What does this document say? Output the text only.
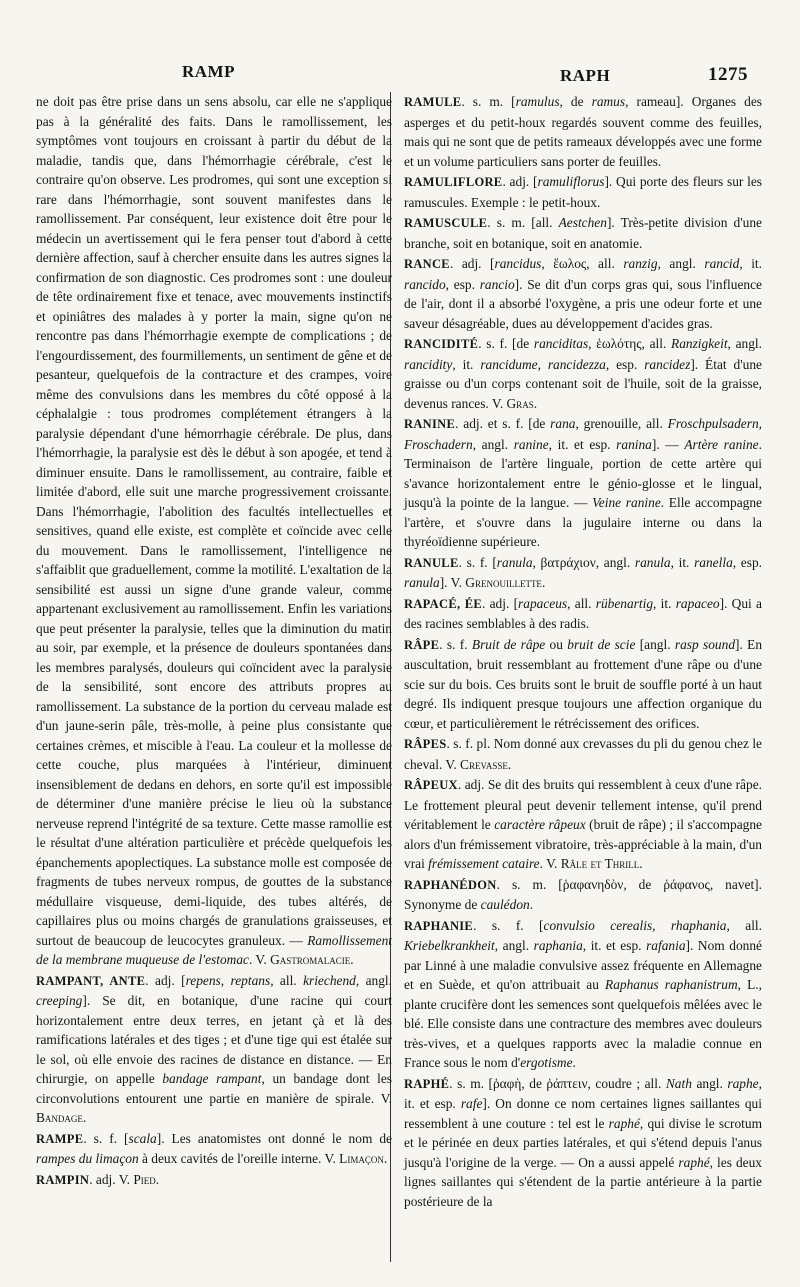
RAMP	RAPH	1275

ne doit pas être prise dans un sens absolu, car elle ne s'applique pas à la généralité des faits. Dans le ramollissement, les symptômes vont toujours en croissant à partir du début de la maladie, tandis que, dans l'hémorrhagie cérébrale, c'est le contraire qu'on observe. Les prodromes, qui sont une exception si rare dans l'hémorrhagie, sont souvent manifestes dans le ramollissement. Par conséquent, leur existence doit être pour le médecin un avertissement qui le fera penser tout d'abord à cette dernière affection, sauf à chercher ensuite dans les autres signes la confirmation de son diagnostic. Ces prodromes sont : une douleur de tête ordinairement fixe et tenace, avec mouvements instinctifs et opiniâtres des malades à y porter la main, signe qu'on ne rencontre pas dans l'hémorrhagie exempte de complications ; de l'engourdissement, des fourmillements, un sentiment de gêne et de pesanteur, quelquefois de la contracture et des crampes, voire même des convulsions dans les membres du côté opposé à la céphalalgie : tous prodromes complétement étrangers à la paralysie dépendant d'une hémorrhagie cérébrale. De plus, dans l'hémorrhagie, la paralysie est dès le début à son apogée, et tend à diminuer ensuite. Dans le ramollissement, au contraire, faible et limitée d'abord, elle suit une marche progressivement croissante. Dans l'hémorrhagie, l'abolition des facultés intellectuelles et sensitives, quand elle existe, est complète et coïncide avec celle du mouvement. Dans le ramollissement, l'intelligence ne s'affaiblit que graduellement, comme la motilité. L'exaltation de la sensibilité est aussi un signe d'une grande valeur, comme appartenant exclusivement au ramollissement. Enfin les variations que peut présenter la paralysie, telles que la diminution du matin au soir, par exemple, et la présence de douleurs spontanées dans les membres paralysés, douleurs qui coïncident avec la paralysie de la sensibilité, sont encore des attributs propres au ramollissement. La substance de la portion du cerveau malade est d'un jaune-serin pâle, très-molle, à peine plus consistante que certaines crèmes, et miscible à l'eau. La couleur et la mollesse de cette couche, plus marquées à l'intérieur, diminuent insensiblement de dedans en dehors, en sorte qu'il est impossible de déterminer d'une manière précise le lieu où la substance nerveuse reprend l'intégrité de sa texture. Cette masse ramollie est le résultat d'une altération particulière et précède quelquefois les épanchements apoplectiques. La substance molle est composée de fragments de tubes nerveux rompus, de gouttes de la substance médullaire visqueuse, demi-liquide, des tubes altérés, de capillaires plus ou moins chargés de granulations graisseuses, et surtout de beaucoup de leucocytes granuleux. — Ramollissement de la membrane muqueuse de l'estomac. V. Gastromalacie.

RAMPANT, ANTE. adj. [repens, reptans, all. kriechend, angl. creeping]. Se dit, en botanique, d'une racine qui court horizontalement entre deux terres, en jetant çà et là des ramifications latérales et des tiges ; et d'une tige qui est étalée sur le sol, où elle envoie des racines de distance en distance. — En chirurgie, on appelle bandage rampant, un bandage dont les circonvolutions entourent une partie en manière de spirale. V. Bandage.

RAMPE. s. f. [scala]. Les anatomistes ont donné le nom de rampes du limaçon à deux cavités de l'oreille interne. V. Limaçon.

RAMPIN. adj. V. Pied.

RAMULE. s. m. [ramulus, de ramus, rameau]. Organes des asperges et du petit-houx regardés souvent comme des feuilles, mais qui ne sont que de petits rameaux développés avec une forme et un volume particuliers sans porter de feuilles.

RAMULIFLORE. adj. [ramuliflorus]. Qui porte des fleurs sur les ramuscules. Exemple : le petit-houx.

RAMUSCULE. s. m. [all. Aestchen]. Très-petite division d'une branche, soit en botanique, soit en anatomie.

RANCE. adj. [rancidus, ἕωλος, all. ranzig, angl. rancid, it. rancido, esp. rancio]. Se dit d'un corps gras qui, sous l'influence de l'air, dont il a absorbé l'oxygène, a pris une odeur forte et une saveur désagréable, dues au développement d'acides gras.

RANCIDITÉ. s. f. [de ranciditas, ἑωλότης, all. Ranzigkeit, angl. rancidity, it. rancidume, rancidezza, esp. rancidez]. État d'une graisse ou d'un corps contenant soit de l'huile, soit de la graisse, devenus rances. V. Gras.

RANINE. adj. et s. f. [de rana, grenouille, all. Froschpulsadern, Froschadern, angl. ranine, it. et esp. ranina]. — Artère ranine. Terminaison de l'artère linguale, portion de cette artère qui s'avance horizontalement entre le génio-glosse et le lingual, jusqu'à la pointe de la langue. — Veine ranine. Elle accompagne l'artère, et s'ouvre dans la jugulaire interne ou dans la thyréoïdienne supérieure.

RANULE. s. f. [ranula, βατράχιον, angl. ranula, it. ranella, esp. ranula]. V. Grenouillette.

RAPACÉ, ÉE. adj. [rapaceus, all. rübenartig, it. rapaceo]. Qui a des racines semblables à des radis.

RÂPE. s. f. Bruit de râpe ou bruit de scie [angl. rasp sound]. En auscultation, bruit ressemblant au frottement d'une râpe ou d'une scie sur du bois. Ces bruits sont le bruit de souffle porté à un haut degré. Ils indiquent presque toujours une affection organique du cœur, et particulièrement le rétrécissement des orifices.

RÂPES. s. f. pl. Nom donné aux crevasses du pli du genou chez le cheval. V. Crevasse.

RÂPEUX. adj. Se dit des bruits qui ressemblent à ceux d'une râpe. Le frottement pleural peut devenir tellement intense, qu'il prend véritablement le caractère râpeux (bruit de râpe) ; il s'accompagne alors d'un frémissement vibratoire, très-appréciable à la main, d'un vrai frémissement cataire. V. Râle et Thrill.

RAPHANÉDON. s. m. [ῥαφανηδὸν, de ῥάφανος, navet]. Synonyme de caulédon.

RAPHANIE. s. f. [convulsio cerealis, rhaphania, all. Kriebelkrankheit, angl. raphania, it. et esp. rafania]. Nom donné par Linné à une maladie convulsive assez fréquente en Allemagne et en Suède, et qu'on attribuait au Raphanus raphanistrum, L., plante crucifère dont les semences sont quelquefois mêlées avec le blé. Elle consiste dans une contracture des membres avec douleurs très-vives, et a quelques rapports avec la maladie connue en France sous le nom d'ergotisme.

RAPHÉ. s. m. [ῥαφὴ, de ῥάπτειν, coudre ; all. Nath angl. raphe, it. et esp. rafe]. On donne ce nom certaines lignes saillantes qui ressemblent à une couture : tel est le raphé, qui divise le scrotum et le périnée en deux parties latérales, et qui s'étend depuis l'anus jusqu'à l'origine de la verge. — On a aussi appelé raphé, les deux lignes saillantes qui s'étendent de la partie antérieure à la partie postérieure de la
